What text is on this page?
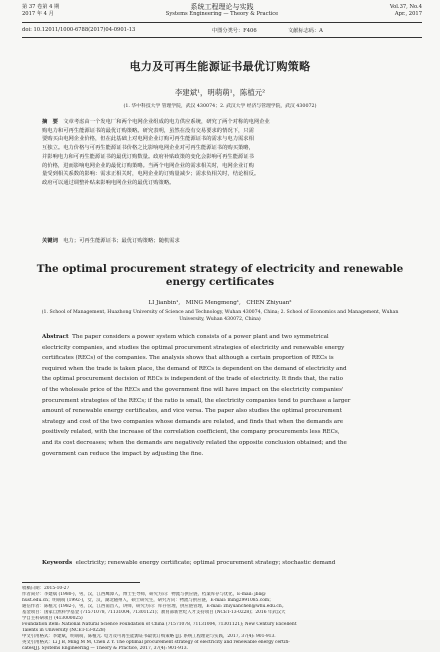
第 37 卷第 4 期
2017 年 4 月
系统工程理论与实践
Systems Engineering — Theory & Practice
Vol.37, No.4
Apr., 2017
doi: 10.12011/1000-6788(2017)04-0901-13	中图分类号：F406	文献标志码：A
电力及可再生能源证书最优订购策略
李建斌¹，明萌萌¹，陈植元²
(1. 华中科技大学 管理学院，武汉 430074；2. 武汉大学 经济与管理学院，武汉 430072)
摘　要　 文章考虑由一个发电厂和两个电网企业组成的电力供应系统，研究了两个对称的电网企业
购电力和可再生能源证书的最优订购策略。研究表明，虽然在没有交易要求的情况下，只需
要购买由电网企业价格，但在此基础上对电网企业订购可再生能源证书的需求与电力需求相
互独立。电力价格与可再生能源证书价格之比影响电网企业对可再生能源证书的购买策略，
并影响电力和可再生能源证书的最优订购数量。政府补贴政策的变化会影响可再生能源证书
的价格，进而影响电网企业的最优订购策略。当两个电网企业的需求相关时，电网企业订购
量受到相关系数的影响：需求正相关时，电网企业的订购量减少；需求负相关时，结论相反。
政府可以通过调整补贴来影响电网企业的最优订购策略。
关键词　 电力；可再生能源证书；最优订购策略；随机需求
The optimal procurement strategy of electricity and renewable energy certificates
LI Jianbin¹,　MING Mengmeng¹,　CHEN Zhiyuan²
(1. School of Management, Huazhong University of Science and Technology, Wuhan 430074, China; 2. School of Economics and Management, Wuhan University, Wuhan 430072, China)
Abstract The paper considers a power system which consists of a power plant and two symmetrical
electricity companies, and studies the optimal procurement strategies of electricity and renewable energy
certificates (RECs) of the companies. The analysis shows that although a certain proportion of RECs is
required when the trade is taken place, the demand of RECs is dependent on the demand of electricity and
the optimal procurement decision of RECs is independent of the trade of electricity. It finds that, the ratio
of the wholesale price of the RECs and the government fine will have impact on the electricity companies'
procurement strategies of the RECs; if the ratio is small, the electricity companies tend to purchase a larger
amount of renewable energy certificates, and vice versa. The paper also studies the optimal procurement
strategy and cost of the two companies whose demands are related, and finds that when the demands are
positively related, with the increase of the correlation coefficient, the company procurements less RECs,
and its cost decreases; when the demands are negatively related the opposite conclusion obtained; and the
government can reduce the impact by adjusting the fine.
Keywords electricity; renewable energy certificate; optimal procurement strategy; stochastic demand
收稿日期：2015-10-27
作者简介：李建斌 (1980-)，男，汉，江西鹰潭人，博士生导师，研究方向：物流与供应链，档案库存与优化，E-mail: jbli@
hust.edu.cn；明萌萌 (1992-)，女，汉，湖北随州人，硕士研究生，研究方向：物流与供应链，E-mail: ming2991085.com；
通信作者：陈植元 (1982-)，男，汉，江西南昌人，讲师，研究方向：库存管理，供应链管理，E-mail: zhiyuanchen@whu.edu.cn。
基金项目：国家自然科学基金 (71571078, 71131004, 71301121)；教育部新世纪人才支持项目 (NCET-13-0228)；2016 年武汉大
学自主科研项目 (413000025)
Foundation item: National Natural Science Foundation of China (71571078, 71131004, 71301121); New Century Excellent
Talents in University (NCET-13-0228)
中文引用格式：李建斌，明萌萌，陈植元. 电力及可再生能源证书最优订购策略 [J]. 系统工程理论与实践，2017, 37(4): 901-913.
英文引用格式：Li J B, Ming M M, Chen Z Y. The optimal procurement strategy of electricity and renewable energy certifi-
cates[J]. Systems Engineering — Theory & Practice, 2017, 37(4): 901-913.
